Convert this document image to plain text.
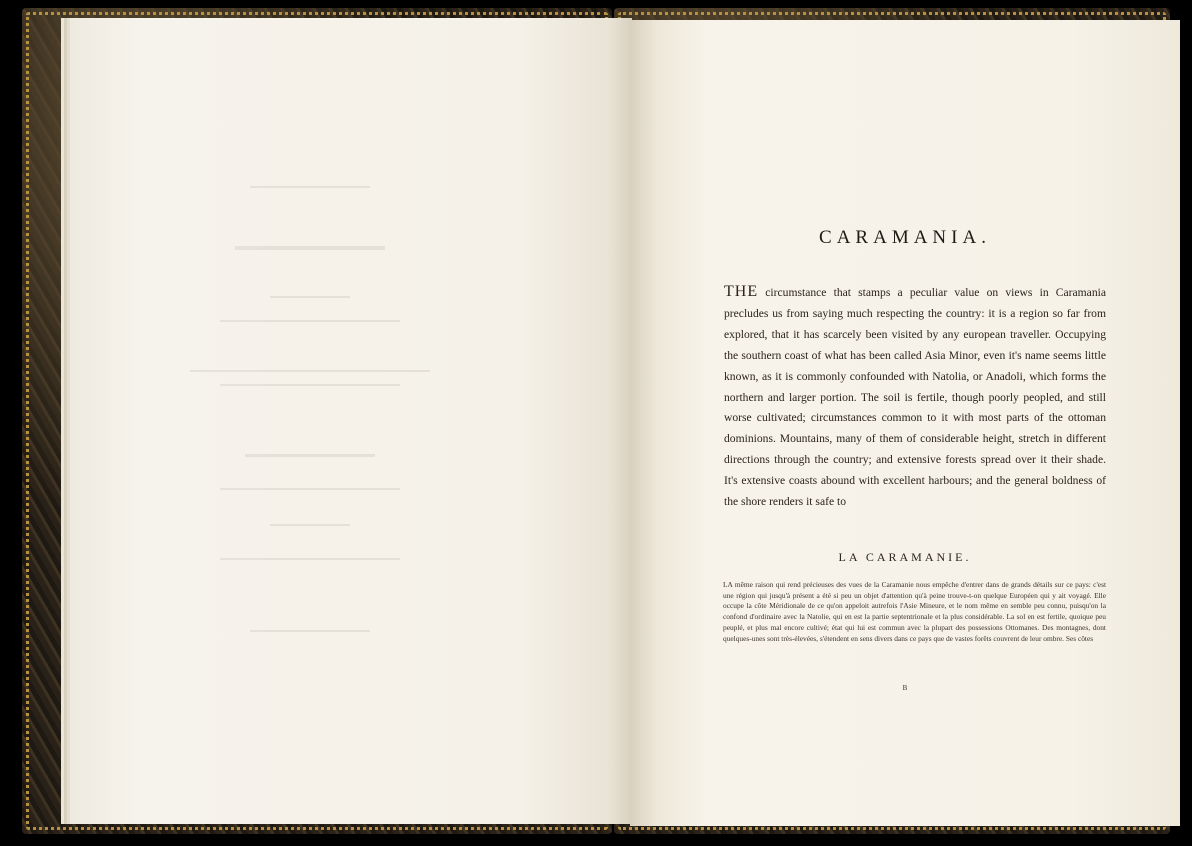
CARAMANIA.
THE circumstance that stamps a peculiar value on views in Caramania precludes us from saying much respecting the country: it is a region so far from explored, that it has scarcely been visited by any european traveller. Occupying the southern coast of what has been called Asia Minor, even it's name seems little known, as it is commonly confounded with Natolia, or Anadoli, which forms the northern and larger portion. The soil is fertile, though poorly peopled, and still worse cultivated; circumstances common to it with most parts of the ottoman dominions. Mountains, many of them of considerable height, stretch in different directions through the country; and extensive forests spread over it their shade. It's extensive coasts abound with excellent harbours; and the general boldness of the shore renders it safe to
LA CARAMANIE.
LA même raison qui rend précieuses des vues de la Caramanie nous empêche d'entrer dans de grands détails sur ce pays: c'est une région qui jusqu'à présent a été si peu un objet d'attention qu'à peine trouve-t-on quelque Européen qui y ait voyagé. Elle occupe la côte Méridionale de ce qu'on appeloit autrefois l'Asie Mineure, et le nom même en semble peu connu, puisqu'on la confond d'ordinaire avec la Natolie, qui en est la partie septentrionale et la plus considérable. La sol en est fertile, quoique peu peuplé, et plus mal encore cultivé; état qui lui est commun avec la plupart des possessions Ottomanes. Des montagnes, dont quelques-unes sont très-élevées, s'étendent en sens divers dans ce pays que de vastes forêts couvrent de leur ombre. Ses côtes
B
